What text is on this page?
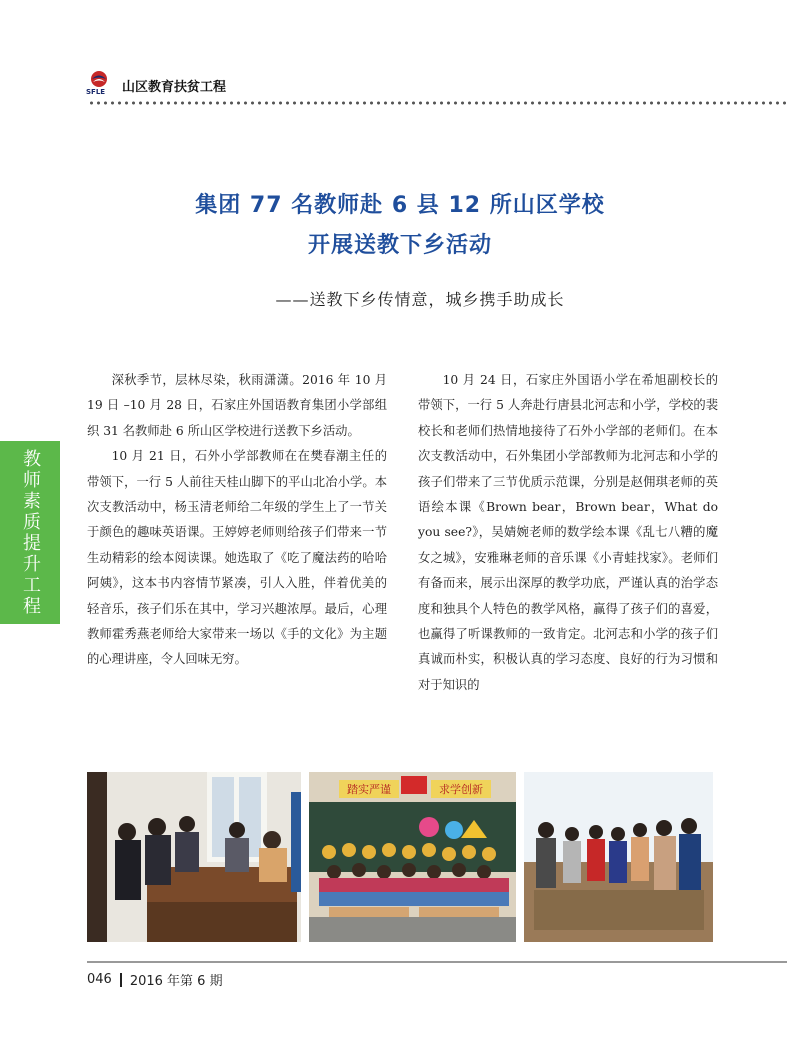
SFLE 山区教育扶贫工程
集团 77 名教师赴 6 县 12 所山区学校
开展送教下乡活动
——送教下乡传情意，城乡携手助成长
教师素质提升工程

深秋季节，层林尽染，秋雨潇潇。2016 年 10 月 19 日 –10 月 28 日，石家庄外国语教育集团小学部组织 31 名教师赴 6 所山区学校进行送教下乡活动。

10 月 21 日，石外小学部教师在在樊春潮主任的带领下，一行 5 人前往天桂山脚下的平山北冶小学。本次支教活动中，杨玉清老师给二年级的学生上了一节关于颜色的趣味英语课。王婷婷老师则给孩子们带来一节生动精彩的绘本阅读课。她选取了《吃了魔法药的哈哈阿姨》，这本书内容情节紧凑，引人入胜，伴着优美的轻音乐，孩子们乐在其中，学习兴趣浓厚。最后，心理教师霍秀燕老师给大家带来一场以《手的文化》为主题的心理讲座，令人回味无穷。

10 月 24 日，石家庄外国语小学在希旭副校长的带领下，一行 5 人奔赴行唐县北河志和小学，学校的裴校长和老师们热情地接待了石外小学部的老师们。在本次支教活动中，石外集团小学部教师为北河志和小学的孩子们带来了三节优质示范课，分别是赵佣琪老师的英语绘本课《Brown bear，Brown bear，What do you see?》，吴婧婉老师的数学绘本课《乱七八糟的魔女之城》，安雅琳老师的音乐课《小青蛙找家》。老师们有备而来，展示出深厚的教学功底，严谨认真的治学态度和独具个人特色的教学风格，赢得了孩子们的喜爱，也赢得了听课教师的一致肯定。北河志和小学的孩子们真诚而朴实，积极认真的学习态度、良好的行为习惯和对于知识的

踏实严谨	求学创新
046 2016 年第 6 期
